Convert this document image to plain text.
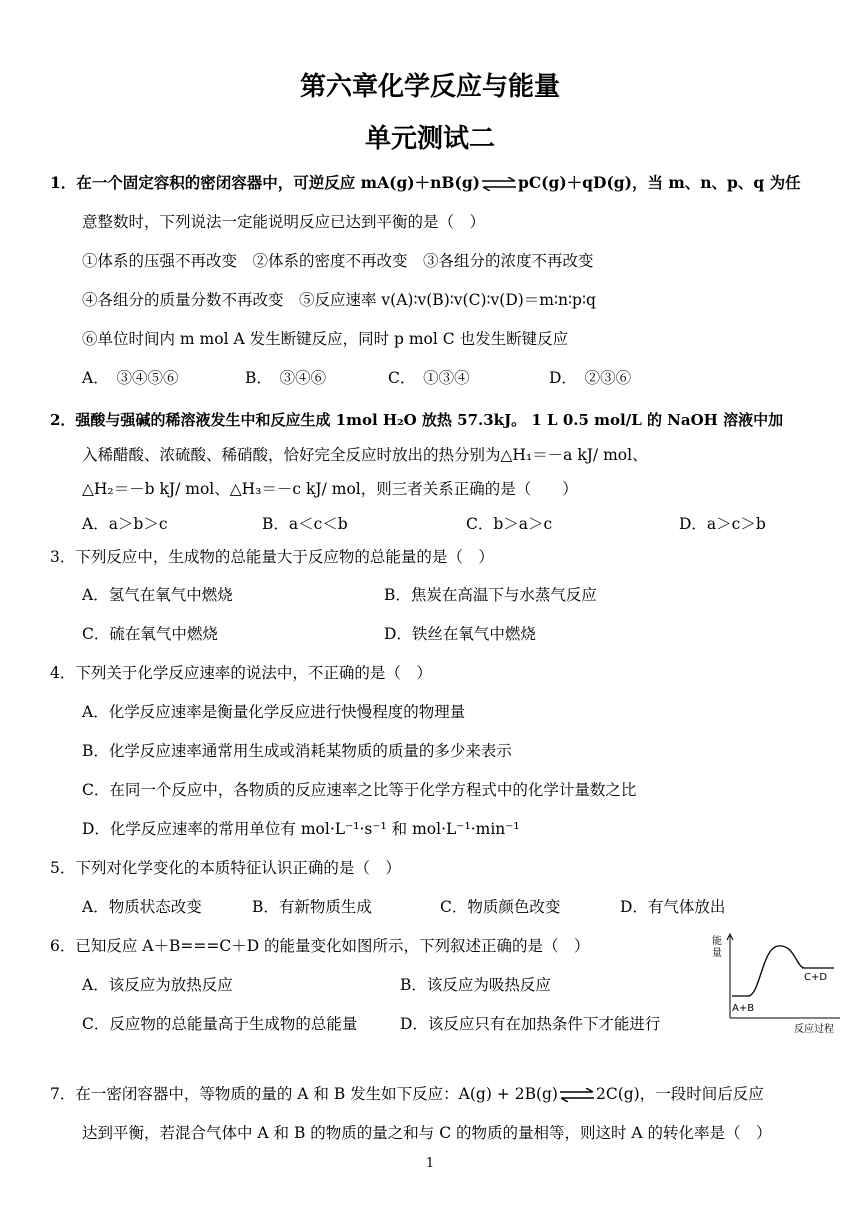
第六章化学反应与能量
单元测试二
1．在一个固定容积的密闭容器中，可逆反应 mA(g)＋nB(g)⇌pC(g)＋qD(g)，当 m、n、p、q 为任
意整数时，下列说法一定能说明反应已达到平衡的是（　）
①体系的压强不再改变　②体系的密度不再改变　③各组分的浓度不再改变
④各组分的质量分数不再改变　⑤反应速率 v(A)∶v(B)∶v(C)∶v(D)＝m∶n∶p∶q
⑥单位时间内 m mol A 发生断键反应，同时 p mol C 也发生断键反应
A．　③④⑤⑥	B．　③④⑥	C．　①③④	D．　②③⑥
2．强酸与强碱的稀溶液发生中和反应生成 1mol H₂O 放热 57.3kJ。 1 L 0.5 mol/L 的 NaOH 溶液中加
入稀醋酸、浓硫酸、稀硝酸，恰好完全反应时放出的热分别为△H₁＝－a kJ/ mol、
△H₂＝－b kJ/ mol、△H₃＝－c kJ/ mol，则三者关系正确的是（　　）
A．a＞b＞c	B．a＜c＜b	C．b＞a＞c	D．a＞c＞b
3．下列反应中，生成物的总能量大于反应物的总能量的是（　）
A．氢气在氧气中燃烧	B．焦炭在高温下与水蒸气反应
C．硫在氧气中燃烧	D．铁丝在氧气中燃烧
4．下列关于化学反应速率的说法中，不正确的是（　）
A．化学反应速率是衡量化学反应进行快慢程度的物理量
B．化学反应速率通常用生成或消耗某物质的质量的多少来表示
C．在同一个反应中，各物质的反应速率之比等于化学方程式中的化学计量数之比
D．化学反应速率的常用单位有 mol·L⁻¹·s⁻¹ 和 mol·L⁻¹·min⁻¹
5．下列对化学变化的本质特征认识正确的是（　）
A．物质状态改变	B．有新物质生成	C．物质颜色改变	D．有气体放出
6．已知反应 A＋B===C＋D 的能量变化如图所示，下列叙述正确的是（　）
A．该反应为放热反应	B．该反应为吸热反应
C．反应物的总能量高于生成物的总能量	D．该反应只有在加热条件下才能进行
能
量
A+B
C+D
反应过程
7．在一密闭容器中，等物质的量的 A 和 B 发生如下反应：A(g) + 2B(g)⇌2C(g)，一段时间后反应
达到平衡，若混合气体中 A 和 B 的物质的量之和与 C 的物质的量相等，则这时 A 的转化率是（　）
1
